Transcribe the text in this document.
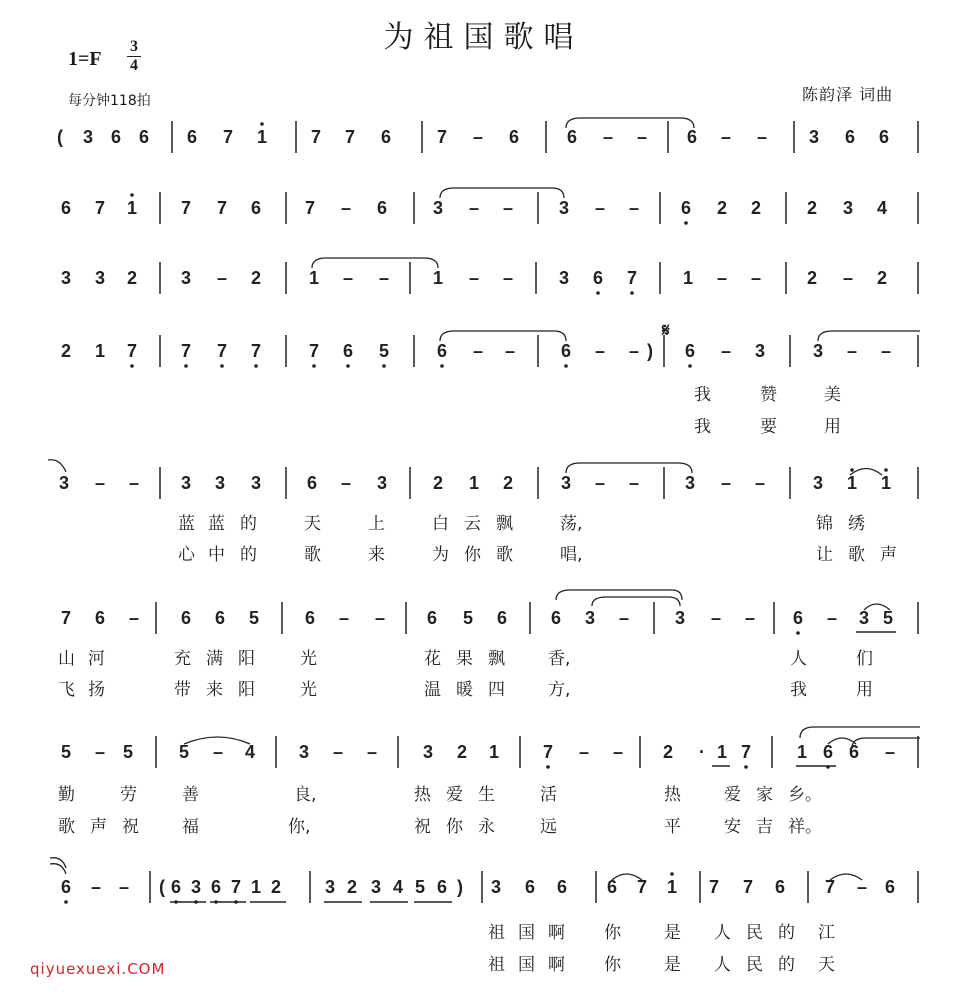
为祖国歌唱
1=F
3
4
每分钟118拍	陈韵泽 词曲
qiyuexuexi.COM
( 3 6 6 6 7 1 7 7 6	7 – 6	6 – – 6 – – 3 6 6
6 7 1 7 7 6 7 – 6	3 – –	3 – – 6 2 2	2 3 4
3 3 2 3 – 2	1 – – 1 – –	3 6 7	1 – –	2 – 2
2 1 7 7 7 7	7 6 5	6 – –	6 – – ) 6 – 3	3 – –
3 – – 3 3 3	6 – 3	2 1 2	3 – –	3 – –	3 1 1
7 6 – 6 6 5	6 – – 6 5 6 6 3 –	3 – – 6 – 3 5
5 – 5	5 – 4 3 – –	3 2 1 7 – – 2 · 1 7	1 6 6 –
6 – – ( 6 3 6 7 1 2 3 2 3 4 5 6 ) 3 6 6 6 7 1 7 7 6 7 – 6
𝄋
我	赞	美
我	要	用
蓝 蓝 的	天	上	白 云 飘	荡,	锦 绣
心 中 的	歌	来	为 你 歌	唱,	让 歌 声
山 河	充 满 阳	光	花 果 飘	香,	人	们
飞 扬	带 来 阳	光	温 暖 四	方,	我	用
勤	劳	善	良,	热 爱 生	活	热	爱 家 乡。
歌 声 祝	福	你,	祝 你 永	远	平	安 吉 祥。
祖 国 啊 你	是 人 民 的 江
祖 国 啊 你	是 人 民 的 天
